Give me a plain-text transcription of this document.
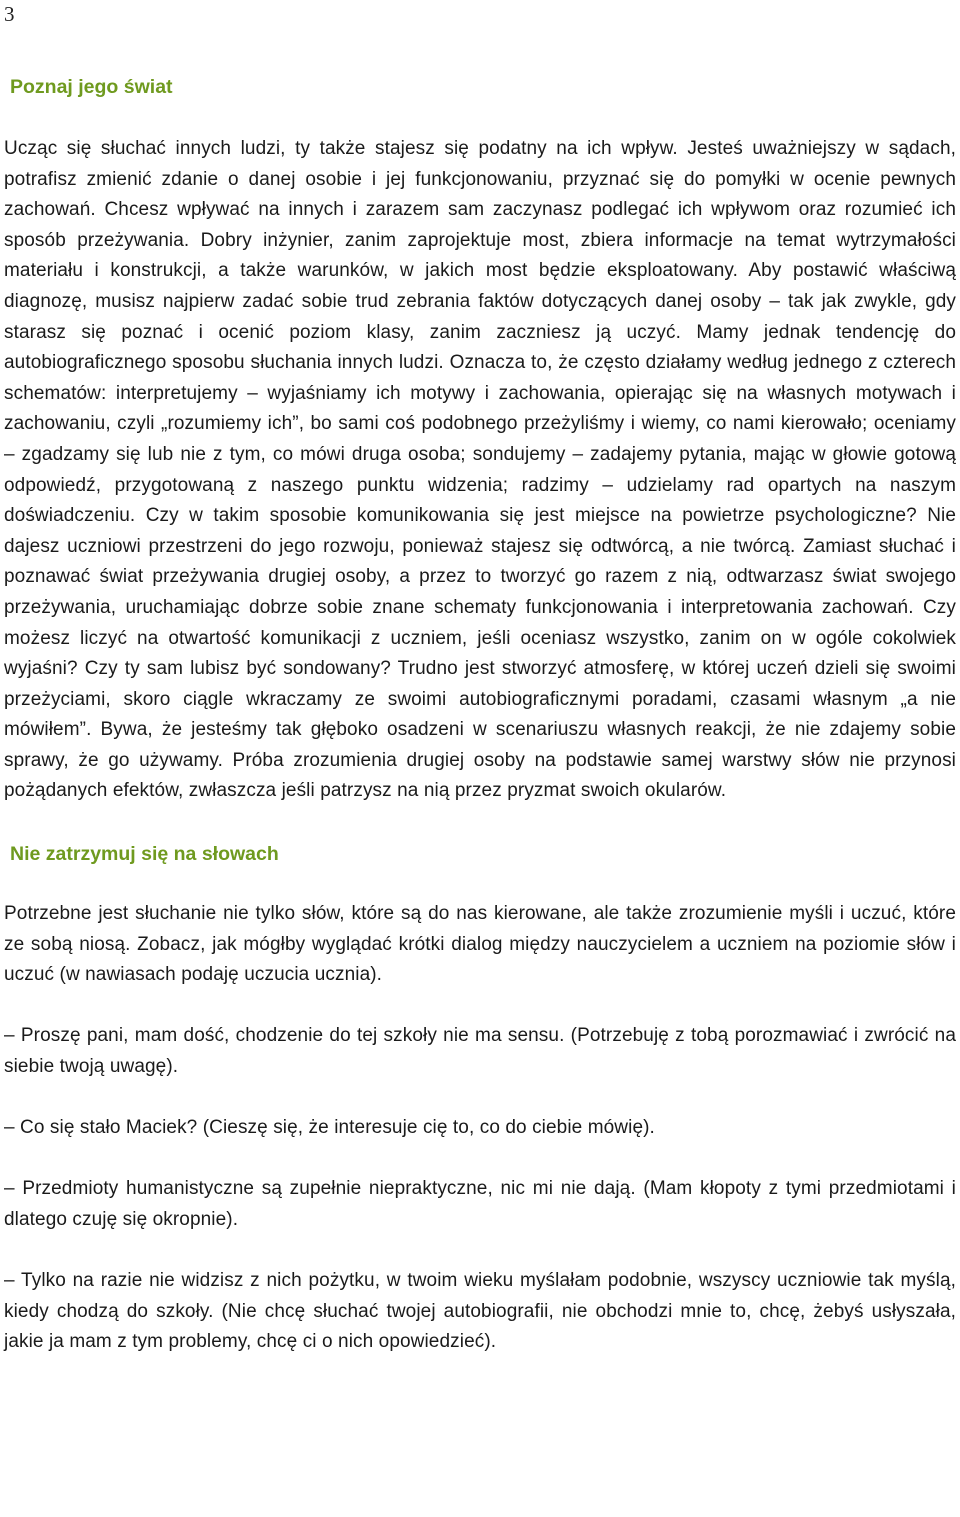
3
Poznaj jego świat

Ucząc się słuchać innych ludzi, ty także stajesz się podatny na ich wpływ. Jesteś uważniejszy w sądach, potrafisz zmienić zdanie o danej osobie i jej funkcjonowaniu, przyznać się do pomyłki w ocenie pewnych zachowań. Chcesz wpływać na innych i zarazem sam zaczynasz podlegać ich wpływom oraz rozumieć ich sposób przeżywania. Dobry inżynier, zanim zaprojektuje most, zbiera informacje na temat wytrzymałości materiału i konstrukcji, a także warunków, w jakich most będzie eksploatowany. Aby postawić właściwą diagnozę, musisz najpierw zadać sobie trud zebrania faktów dotyczących danej osoby – tak jak zwykle, gdy starasz się poznać i ocenić poziom klasy, zanim zaczniesz ją uczyć. Mamy jednak tendencję do autobiograficznego sposobu słuchania innych ludzi. Oznacza to, że często działamy według jednego z czterech schematów: interpretujemy – wyjaśniamy ich motywy i zachowania, opierając się na własnych motywach i zachowaniu, czyli „rozumiemy ich”, bo sami coś podobnego przeżyliśmy i wiemy, co nami kierowało; oceniamy – zgadzamy się lub nie z tym, co mówi druga osoba; sondujemy – zadajemy pytania, mając w głowie gotową odpowiedź, przygotowaną z naszego punktu widzenia; radzimy – udzielamy rad opartych na naszym doświadczeniu. Czy w takim sposobie komunikowania się jest miejsce na powietrze psychologiczne? Nie dajesz uczniowi przestrzeni do jego rozwoju, ponieważ stajesz się odtwórcą, a nie twórcą. Zamiast słuchać i poznawać świat przeżywania drugiej osoby, a przez to tworzyć go razem z nią, odtwarzasz świat swojego przeżywania, uruchamiając dobrze sobie znane schematy funkcjonowania i interpretowania zachowań. Czy możesz liczyć na otwartość komunikacji z uczniem, jeśli oceniasz wszystko, zanim on w ogóle cokolwiek wyjaśni? Czy ty sam lubisz być sondowany? Trudno jest stworzyć atmosferę, w której uczeń dzieli się swoimi przeżyciami, skoro ciągle wkraczamy ze swoimi autobiograficznymi poradami, czasami własnym „a nie mówiłem”. Bywa, że jesteśmy tak głęboko osadzeni w scenariuszu własnych reakcji, że nie zdajemy sobie sprawy, że go używamy. Próba zrozumienia drugiej osoby na podstawie samej warstwy słów nie przynosi pożądanych efektów, zwłaszcza jeśli patrzysz na nią przez pryzmat swoich okularów.

Nie zatrzymuj się na słowach

Potrzebne jest słuchanie nie tylko słów, które są do nas kierowane, ale także zrozumienie myśli i uczuć, które ze sobą niosą. Zobacz, jak mógłby wyglądać krótki dialog między nauczycielem a uczniem na poziomie słów i uczuć (w nawiasach podaję uczucia ucznia).

– Proszę pani, mam dość, chodzenie do tej szkoły nie ma sensu. (Potrzebuję z tobą porozmawiać i zwrócić na siebie twoją uwagę).

– Co się stało Maciek? (Cieszę się, że interesuje cię to, co do ciebie mówię).

– Przedmioty humanistyczne są zupełnie niepraktyczne, nic mi nie dają. (Mam kłopoty z tymi przedmiotami i dlatego czuję się okropnie).

– Tylko na razie nie widzisz z nich pożytku, w twoim wieku myślałam podobnie, wszyscy uczniowie tak myślą, kiedy chodzą do szkoły. (Nie chcę słuchać twojej autobiografii, nie obchodzi mnie to, chcę, żebyś usłyszała, jakie ja mam z tym problemy, chcę ci o nich opowiedzieć).
